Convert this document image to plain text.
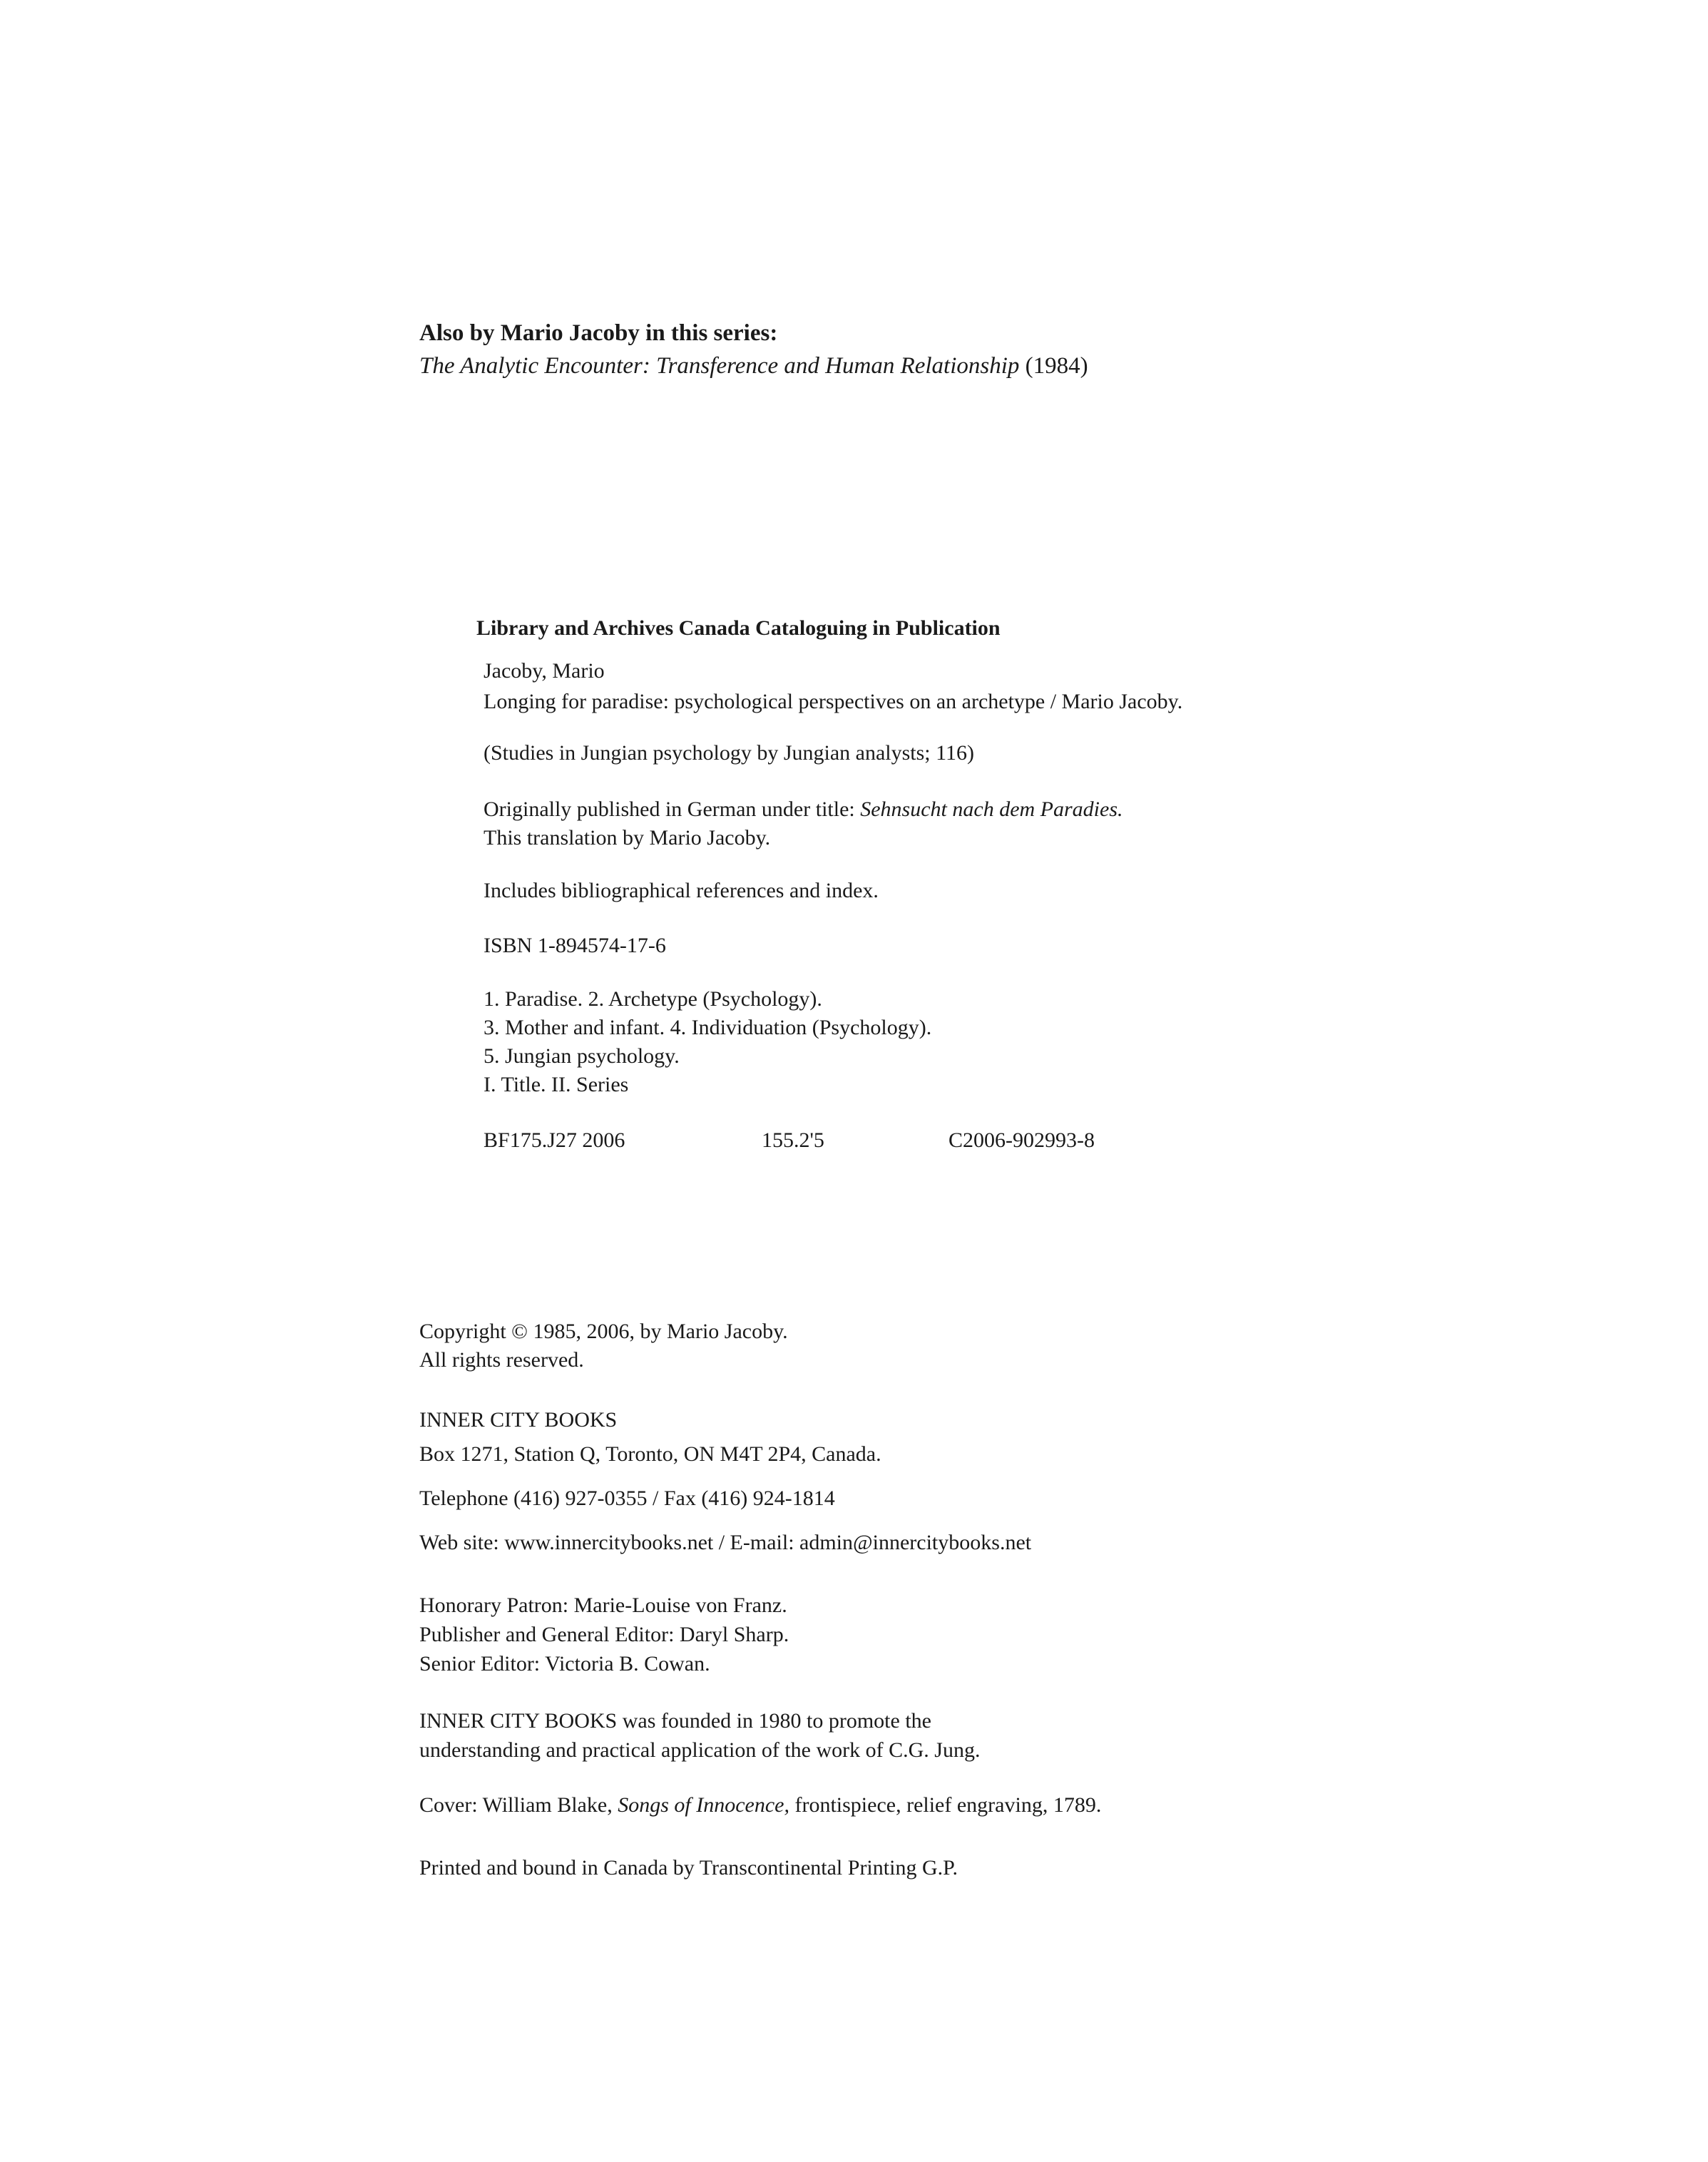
Also by Mario Jacoby in this series:
The Analytic Encounter: Transference and Human Relationship (1984)
Library and Archives Canada Cataloguing in Publication
Jacoby, Mario
Longing for paradise: psychological perspectives on an archetype / Mario Jacoby.
(Studies in Jungian psychology by Jungian analysts; 116)
Originally published in German under title: Sehnsucht nach dem Paradies.
This translation by Mario Jacoby.
Includes bibliographical references and index.
ISBN 1-894574-17-6
1. Paradise. 2. Archetype (Psychology).
3. Mother and infant. 4. Individuation (Psychology).
5. Jungian psychology.
I. Title. II. Series
BF175.J27 2006	155.2'5	C2006-902993-8
Copyright © 1985, 2006, by Mario Jacoby.
All rights reserved.
INNER CITY BOOKS
Box 1271, Station Q, Toronto, ON M4T 2P4, Canada.
Telephone (416) 927-0355 / Fax (416) 924-1814
Web site: www.innercitybooks.net / E-mail: admin@innercitybooks.net
Honorary Patron: Marie-Louise von Franz.
Publisher and General Editor: Daryl Sharp.
Senior Editor: Victoria B. Cowan.
INNER CITY BOOKS was founded in 1980 to promote the
understanding and practical application of the work of C.G. Jung.
Cover: William Blake, Songs of Innocence, frontispiece, relief engraving, 1789.
Printed and bound in Canada by Transcontinental Printing G.P.
